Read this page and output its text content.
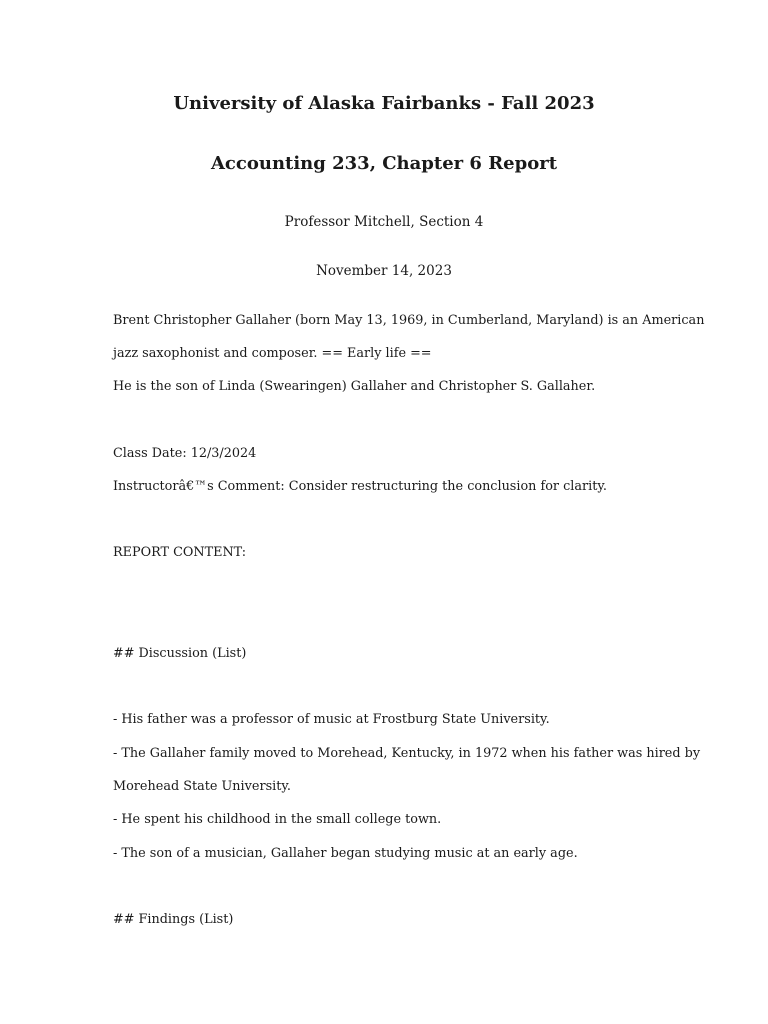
University of Alaska Fairbanks - Fall 2023
Accounting 233, Chapter 6 Report
Professor Mitchell, Section 4
November 14, 2023
Brent Christopher Gallaher (born May 13, 1969, in Cumberland, Maryland) is an American
jazz saxophonist and composer. == Early life ==
He is the son of Linda (Swearingen) Gallaher and Christopher S. Gallaher.
Class Date: 12/3/2024
Instructorâ€™s Comment: Consider restructuring the conclusion for clarity.
REPORT CONTENT:
## Discussion (List)
- His father was a professor of music at Frostburg State University.
- The Gallaher family moved to Morehead, Kentucky, in 1972 when his father was hired by
Morehead State University.
- He spent his childhood in the small college town.
- The son of a musician, Gallaher began studying music at an early age.
## Findings (List)
